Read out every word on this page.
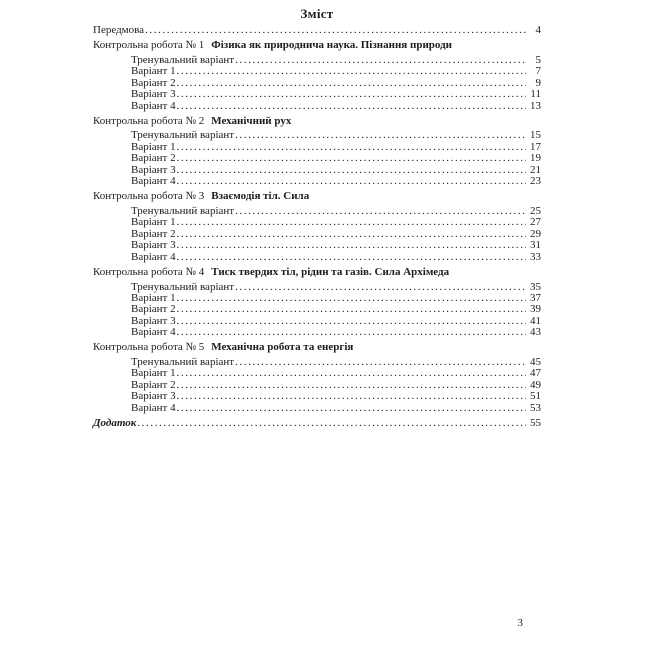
Зміст
Передмова .....	4
Контрольна робота № 1 Фізика як природнича наука. Пізнання природи
Тренувальний варіант .....	5
Варіант 1 .....	7
Варіант 2 .....	9
Варіант 3 .....	11
Варіант 4 .....	13
Контрольна робота № 2 Механічний рух
Тренувальний варіант .....	15
Варіант 1 .....	17
Варіант 2 .....	19
Варіант 3 .....	21
Варіант 4 .....	23
Контрольна робота № 3 Взаємодія тіл. Сила
Тренувальний варіант .....	25
Варіант 1 .....	27
Варіант 2 .....	29
Варіант 3 .....	31
Варіант 4 .....	33
Контрольна робота № 4 Тиск твердих тіл, рідин та газів. Сила Архімеда
Тренувальний варіант .....	35
Варіант 1 .....	37
Варіант 2 .....	39
Варіант 3 .....	41
Варіант 4 .....	43
Контрольна робота № 5 Механічна робота та енергія
Тренувальний варіант .....	45
Варіант 1 .....	47
Варіант 2 .....	49
Варіант 3 .....	51
Варіант 4 .....	53
Додаток .....	55
3
